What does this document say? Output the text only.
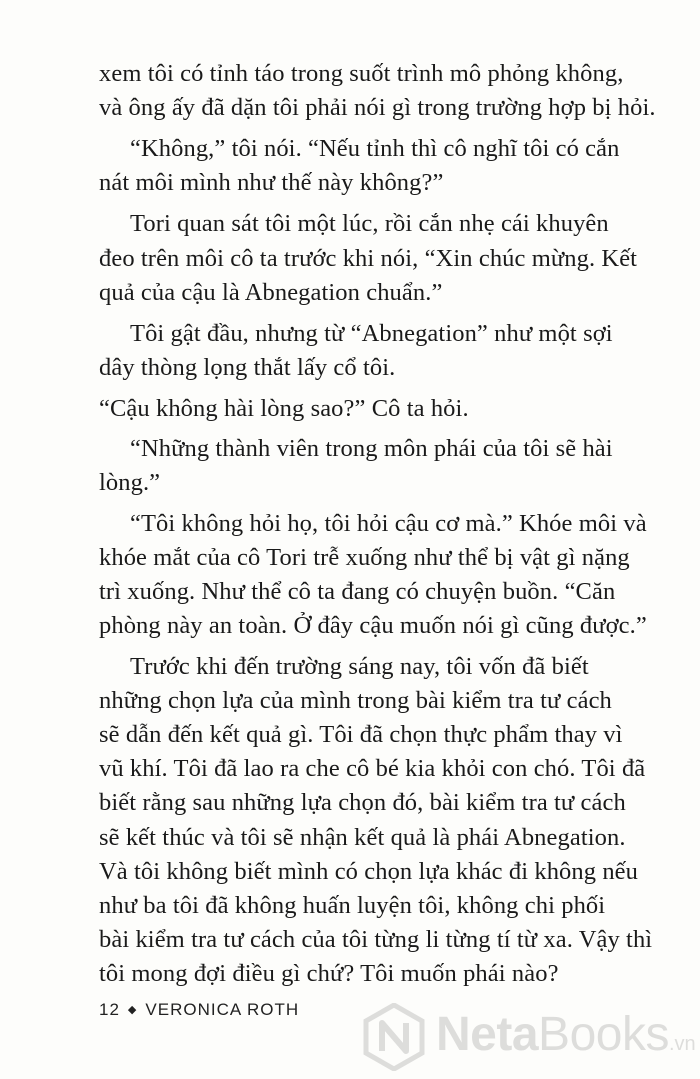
xem tôi có tỉnh táo trong suốt trình mô phỏng không,
và ông ấy đã dặn tôi phải nói gì trong trường hợp bị hỏi.
“Không,” tôi nói. “Nếu tỉnh thì cô nghĩ tôi có cắn
nát môi mình như thế này không?”
Tori quan sát tôi một lúc, rồi cắn nhẹ cái khuyên
đeo trên môi cô ta trước khi nói, “Xin chúc mừng. Kết
quả của cậu là Abnegation chuẩn.”
Tôi gật đầu, nhưng từ “Abnegation” như một sợi
dây thòng lọng thắt lấy cổ tôi.
“Cậu không hài lòng sao?” Cô ta hỏi.
“Những thành viên trong môn phái của tôi sẽ hài
lòng.”
“Tôi không hỏi họ, tôi hỏi cậu cơ mà.” Khóe môi và
khóe mắt của cô Tori trễ xuống như thể bị vật gì nặng
trì xuống. Như thể cô ta đang có chuyện buồn. “Căn
phòng này an toàn. Ở đây cậu muốn nói gì cũng được.”
Trước khi đến trường sáng nay, tôi vốn đã biết
những chọn lựa của mình trong bài kiểm tra tư cách
sẽ dẫn đến kết quả gì. Tôi đã chọn thực phẩm thay vì
vũ khí. Tôi đã lao ra che cô bé kia khỏi con chó. Tôi đã
biết rằng sau những lựa chọn đó, bài kiểm tra tư cách
sẽ kết thúc và tôi sẽ nhận kết quả là phái Abnegation.
Và tôi không biết mình có chọn lựa khác đi không nếu
như ba tôi đã không huấn luyện tôi, không chi phối
bài kiểm tra tư cách của tôi từng li từng tí từ xa. Vậy thì
tôi mong đợi điều gì chứ? Tôi muốn phái nào?
12 ◆ VERONICA ROTH	NetaBooks.vn
